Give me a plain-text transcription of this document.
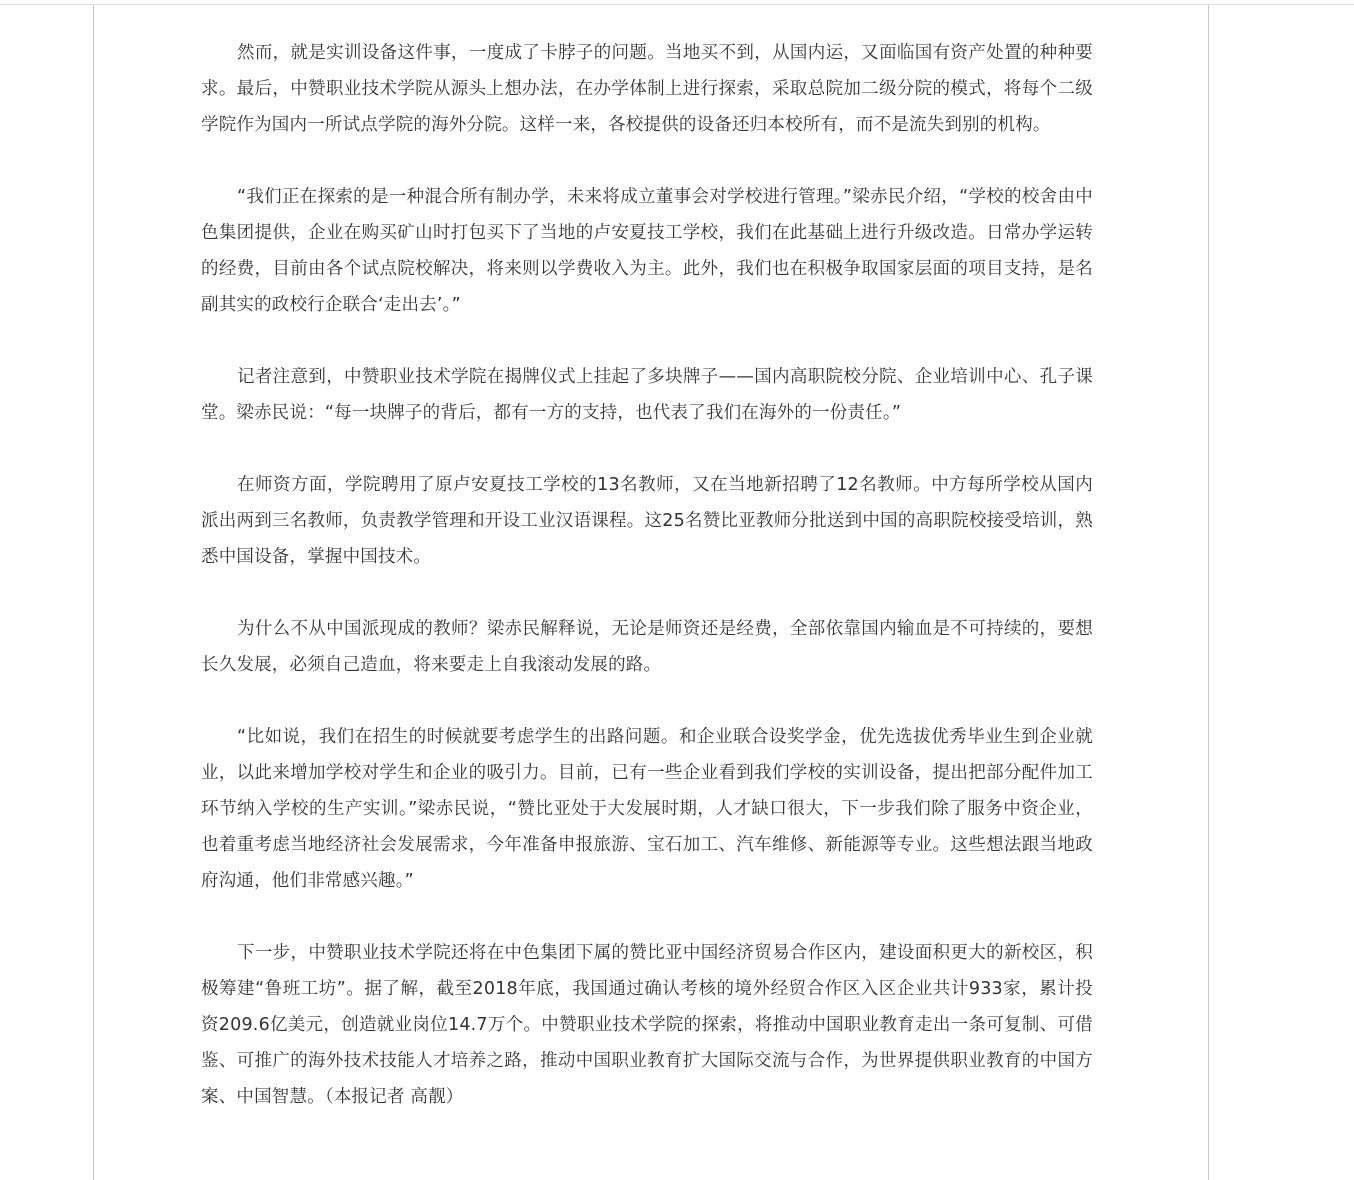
然而，就是实训设备这件事，一度成了卡脖子的问题。当地买不到，从国内运，又面临国有资产处置的种种要求。最后，中赞职业技术学院从源头上想办法，在办学体制上进行探索，采取总院加二级分院的模式，将每个二级学院作为国内一所试点学院的海外分院。这样一来，各校提供的设备还归本校所有，而不是流失到别的机构。

“我们正在探索的是一种混合所有制办学，未来将成立董事会对学校进行管理。”梁赤民介绍，“学校的校舍由中色集团提供，企业在购买矿山时打包买下了当地的卢安夏技工学校，我们在此基础上进行升级改造。日常办学运转的经费，目前由各个试点院校解决，将来则以学费收入为主。此外，我们也在积极争取国家层面的项目支持，是名副其实的政校行企联合‘走出去’。”

记者注意到，中赞职业技术学院在揭牌仪式上挂起了多块牌子——国内高职院校分院、企业培训中心、孔子课堂。梁赤民说：“每一块牌子的背后，都有一方的支持，也代表了我们在海外的一份责任。”

在师资方面，学院聘用了原卢安夏技工学校的13名教师，又在当地新招聘了12名教师。中方每所学校从国内派出两到三名教师，负责教学管理和开设工业汉语课程。这25名赞比亚教师分批送到中国的高职院校接受培训，熟悉中国设备，掌握中国技术。

为什么不从中国派现成的教师？梁赤民解释说，无论是师资还是经费，全部依靠国内输血是不可持续的，要想长久发展，必须自己造血，将来要走上自我滚动发展的路。

“比如说，我们在招生的时候就要考虑学生的出路问题。和企业联合设奖学金，优先选拔优秀毕业生到企业就业，以此来增加学校对学生和企业的吸引力。目前，已有一些企业看到我们学校的实训设备，提出把部分配件加工环节纳入学校的生产实训。”梁赤民说，“赞比亚处于大发展时期，人才缺口很大，下一步我们除了服务中资企业，也着重考虑当地经济社会发展需求，今年准备申报旅游、宝石加工、汽车维修、新能源等专业。这些想法跟当地政府沟通，他们非常感兴趣。”

下一步，中赞职业技术学院还将在中色集团下属的赞比亚中国经济贸易合作区内，建设面积更大的新校区，积极筹建“鲁班工坊”。据了解，截至2018年底，我国通过确认考核的境外经贸合作区入区企业共计933家，累计投资209.6亿美元，创造就业岗位14.7万个。中赞职业技术学院的探索，将推动中国职业教育走出一条可复制、可借鉴、可推广的海外技术技能人才培养之路，推动中国职业教育扩大国际交流与合作，为世界提供职业教育的中国方案、中国智慧。（本报记者 高靓）
